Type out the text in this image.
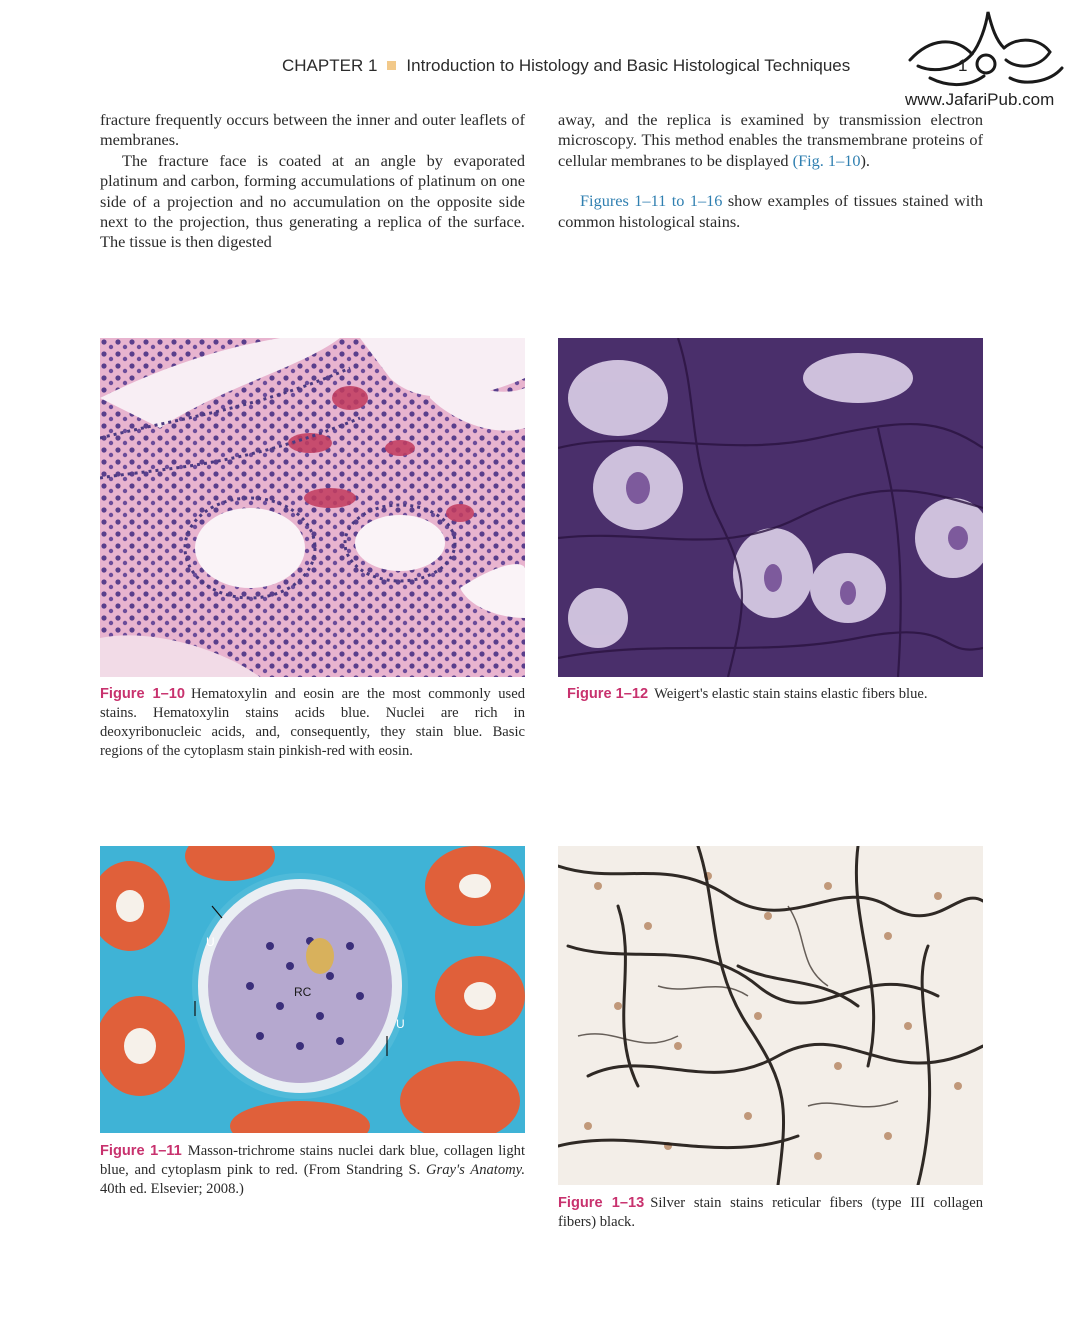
CHAPTER 1 Introduction to Histology and Basic Histological Techniques	1
www.JafariPub.com

fracture frequently occurs between the inner and outer leaflets of membranes.

The fracture face is coated at an angle by evaporated platinum and carbon, forming accumulations of platinum on one side of a projection and no accumulation on the opposite side next to the projection, thus generating a replica of the surface. The tissue is then digested

away, and the replica is examined by transmission electron microscopy. This method enables the transmembrane proteins of cellular membranes to be displayed (Fig. 1–10).

Figures 1–11 to 1–16 show examples of tissues stained with common histological stains.

Figure 1–10 Hematoxylin and eosin are the most commonly used stains. Hematoxylin stains acids blue. Nuclei are rich in deoxyribonucleic acids, and, consequently, they stain blue. Basic regions of the cytoplasm stain pinkish-red with eosin.
Figure 1–12 Weigert's elastic stain stains elastic fibers blue.
U
RC
U
Figure 1–11 Masson-trichrome stains nuclei dark blue, collagen light blue, and cytoplasm pink to red. (From Standring S. Gray's Anatomy. 40th ed. Elsevier; 2008.)
Figure 1–13 Silver stain stains reticular fibers (type III collagen fibers) black.
